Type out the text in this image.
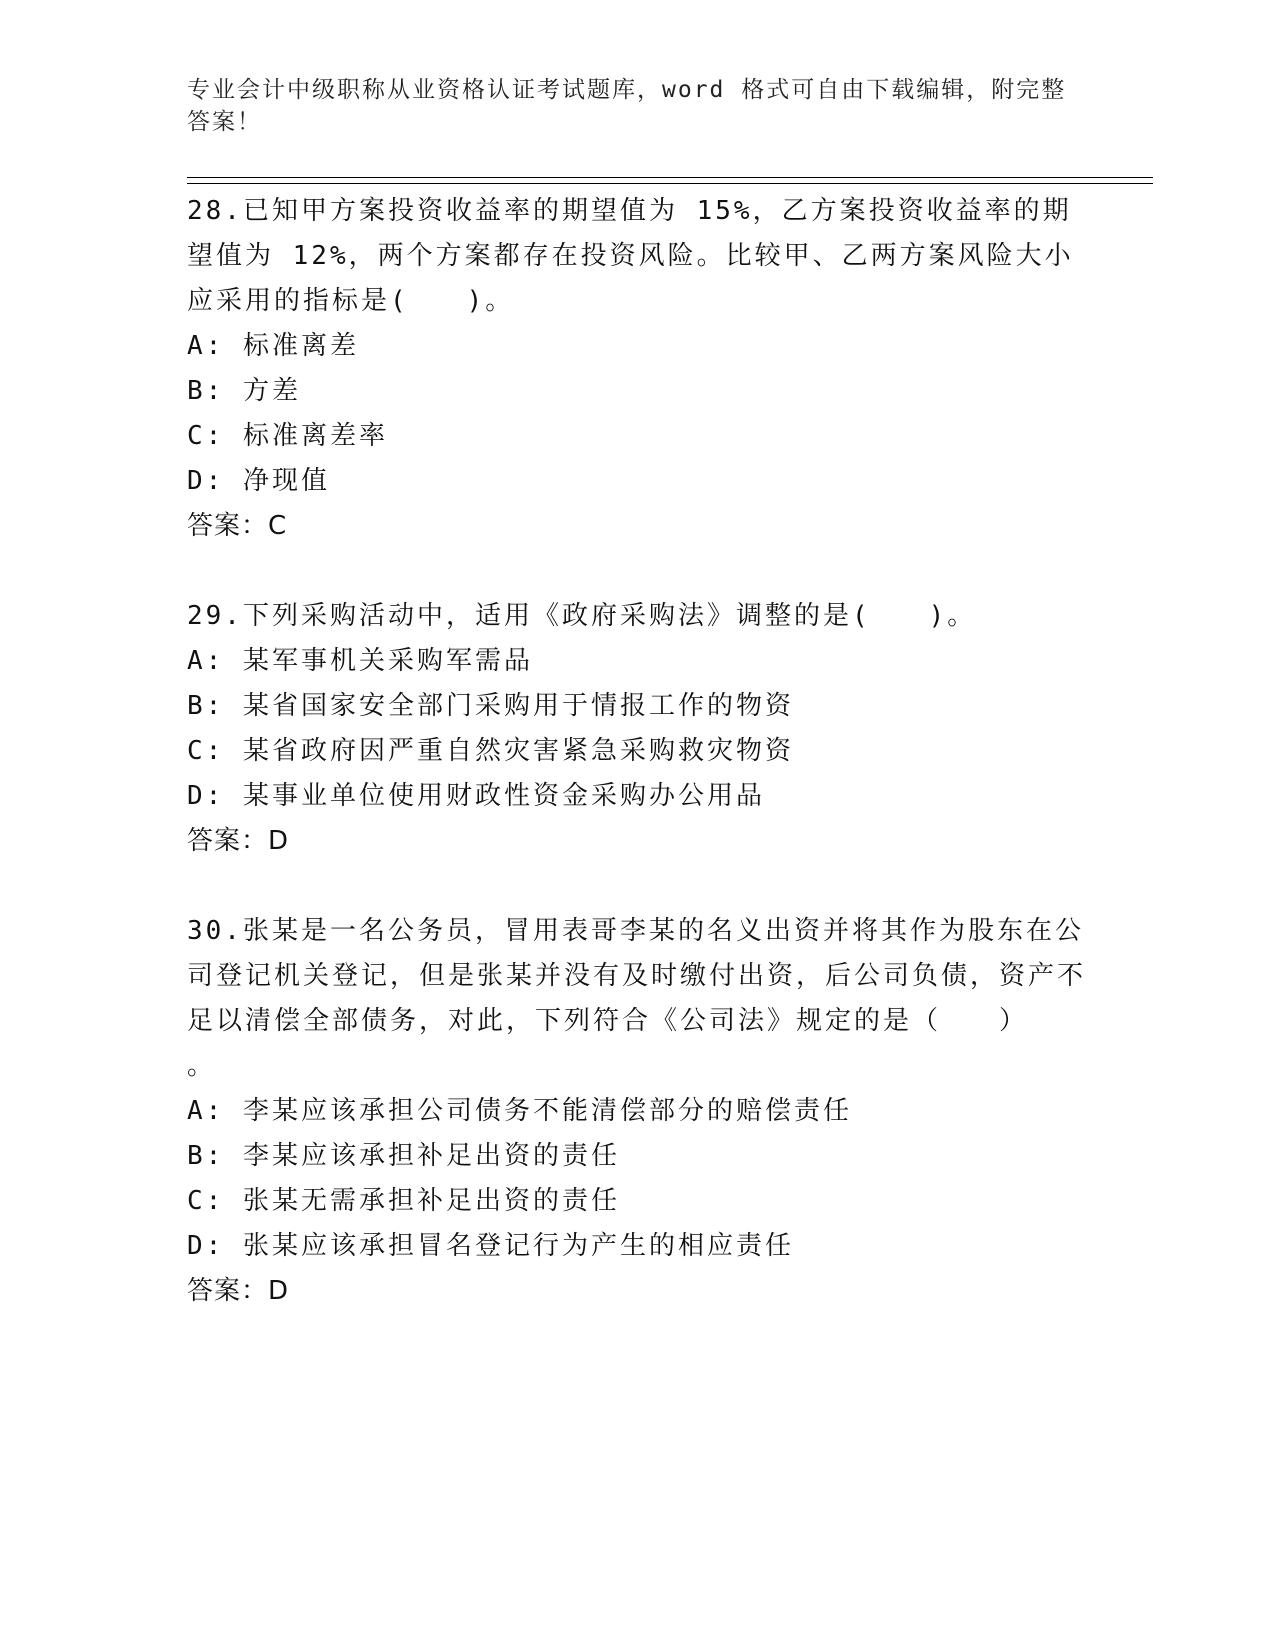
专业会计中级职称从业资格认证考试题库，word 格式可自由下载编辑，附完整答案！

28.已知甲方案投资收益率的期望值为 15%，乙方案投资收益率的期望值为 12%，两个方案都存在投资风险。比较甲、乙两方案风险大小应采用的指标是(　　)。

A: 标准离差

B: 方差

C: 标准离差率

D: 净现值

答案：C

29.下列采购活动中，适用《政府采购法》调整的是(　　)。

A: 某军事机关采购军需品

B: 某省国家安全部门采购用于情报工作的物资

C: 某省政府因严重自然灾害紧急采购救灾物资

D: 某事业单位使用财政性资金采购办公用品

答案：D

30.张某是一名公务员，冒用表哥李某的名义出资并将其作为股东在公司登记机关登记，但是张某并没有及时缴付出资，后公司负债，资产不足以清偿全部债务，对此，下列符合《公司法》规定的是（　　）

。

A: 李某应该承担公司债务不能清偿部分的赔偿责任

B: 李某应该承担补足出资的责任

C: 张某无需承担补足出资的责任

D: 张某应该承担冒名登记行为产生的相应责任

答案：D
